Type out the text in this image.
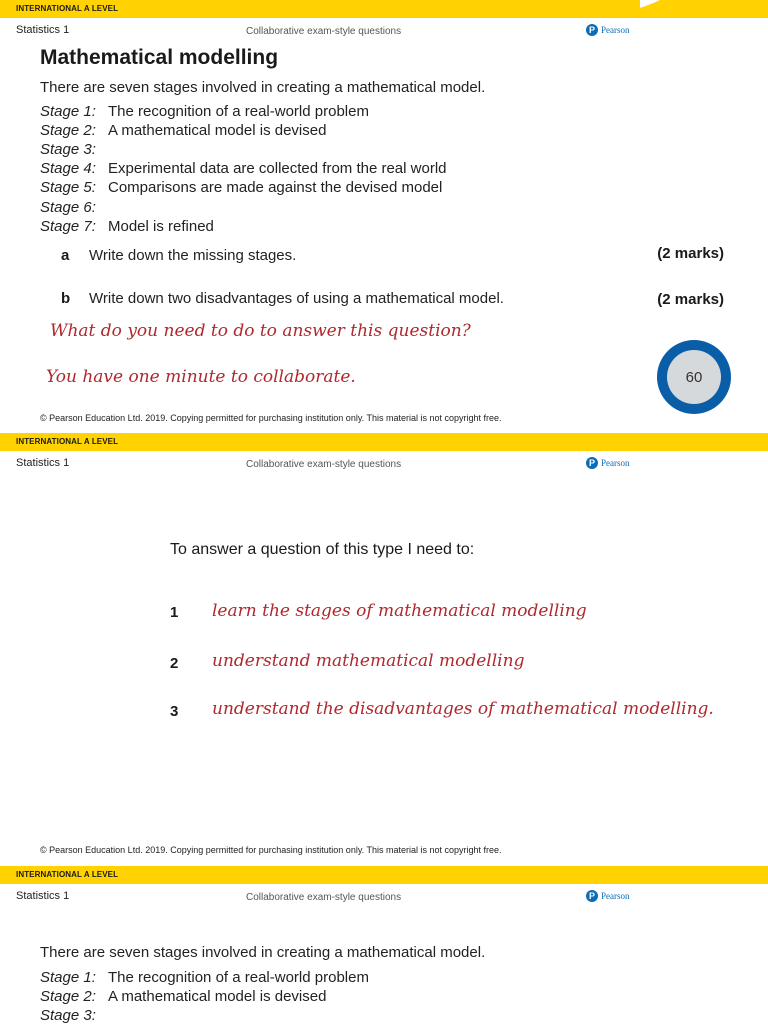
INTERNATIONAL A LEVEL
Statistics 1	Collaborative exam-style questions	P Pearson
Mathematical modelling
There are seven stages involved in creating a mathematical model.
Stage 1: The recognition of a real-world problem
Stage 2: A mathematical model is devised
Stage 3:
Stage 4: Experimental data are collected from the real world
Stage 5: Comparisons are made against the devised model
Stage 6:
Stage 7: Model is refined
a Write down the missing stages.	(2 marks)
b Write down two disadvantages of using a mathematical model.	(2 marks)
What do you need to do to answer this question?
You have one minute to collaborate.	60
© Pearson Education Ltd. 2019. Copying permitted for purchasing institution only. This material is not copyright free.
INTERNATIONAL A LEVEL
Statistics 1	Collaborative exam-style questions	P Pearson
To answer a question of this type I need to:
1 learn the stages of mathematical modelling
2 understand mathematical modelling
3 understand the disadvantages of mathematical modelling.
© Pearson Education Ltd. 2019. Copying permitted for purchasing institution only. This material is not copyright free.
INTERNATIONAL A LEVEL
Statistics 1	Collaborative exam-style questions	P Pearson
There are seven stages involved in creating a mathematical model.
Stage 1: The recognition of a real-world problem
Stage 2: A mathematical model is devised
Stage 3:
